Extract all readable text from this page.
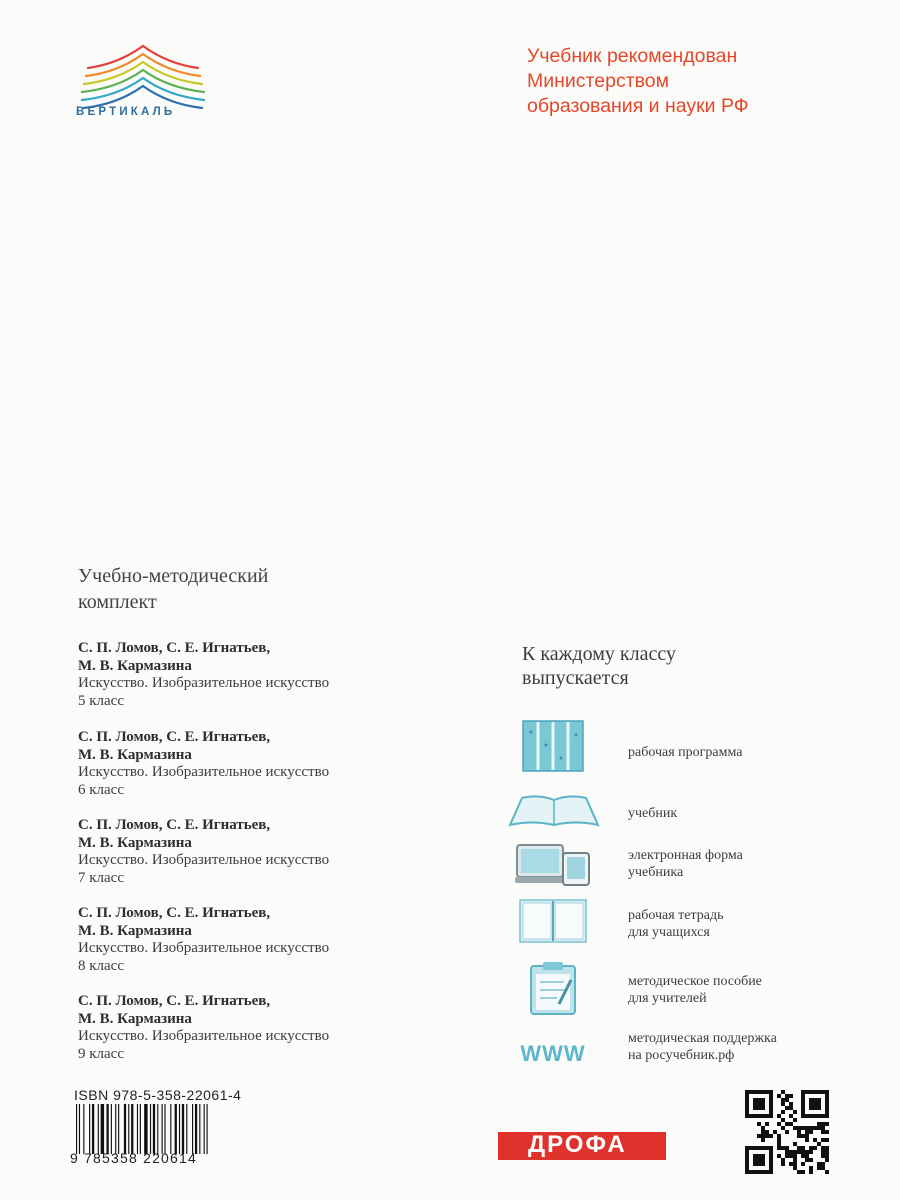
ВЕРТИКАЛЬ
Учебник рекомендован
Министерством
образования и науки РФ
Учебно-методический
комплект
С. П. Ломов, С. Е. Игнатьев,
М. В. Кармазина
Искусство. Изобразительное искусство
5 класс
С. П. Ломов, С. Е. Игнатьев,
М. В. Кармазина
Искусство. Изобразительное искусство
6 класс
С. П. Ломов, С. Е. Игнатьев,
М. В. Кармазина
Искусство. Изобразительное искусство
7 класс
С. П. Ломов, С. Е. Игнатьев,
М. В. Кармазина
Искусство. Изобразительное искусство
8 класс
С. П. Ломов, С. Е. Игнатьев,
М. В. Кармазина
Искусство. Изобразительное искусство
9 класс
К каждому классу
выпускается
WWW
рабочая программа
учебник
электронная форма
учебника
рабочая тетрадь
для учащихся
методическое пособие
для учителей
методическая поддержка
на росучебник.рф
ISBN 978-5-358-22061-4
9 785358 220614	ДРОФА
